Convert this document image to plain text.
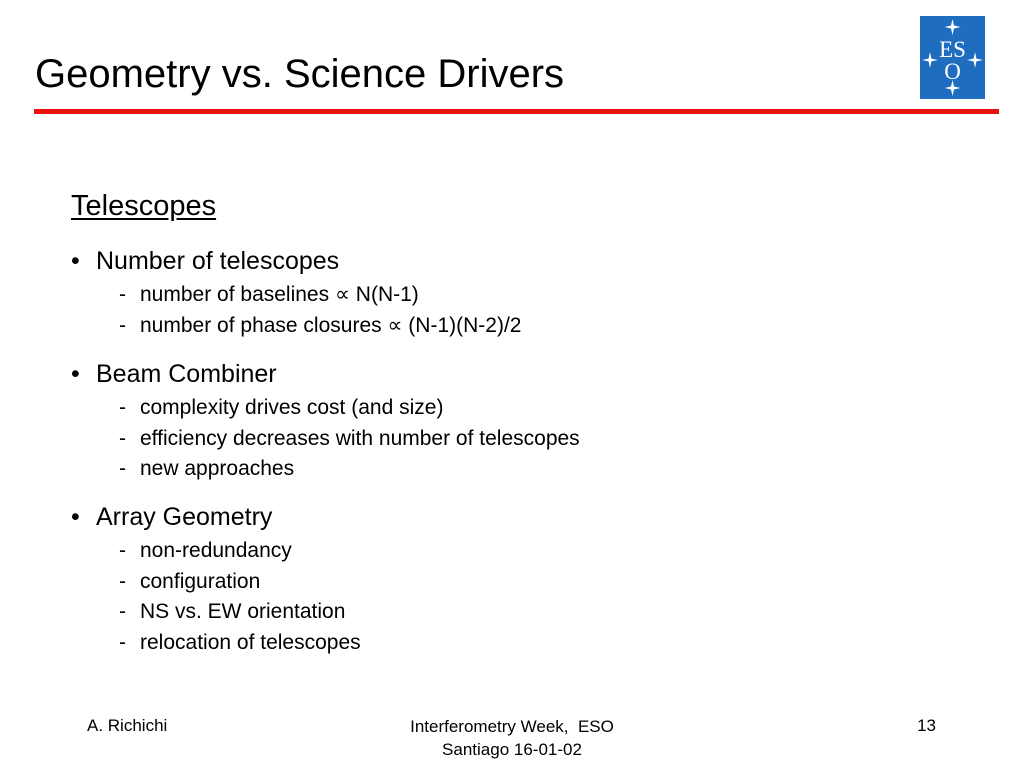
Geometry vs. Science Drivers
ES
O
Telescopes
• Number of telescopes
- number of baselines ∝ N(N-1)
- number of phase closures ∝ (N-1)(N-2)/2
• Beam Combiner
- complexity drives cost (and size)
- efficiency decreases with number of telescopes
- new approaches
• Array Geometry
- non-redundancy
- configuration
- NS vs. EW orientation
- relocation of telescopes
A. Richichi	Interferometry Week,  ESO
Santiago 16-01-02
13
